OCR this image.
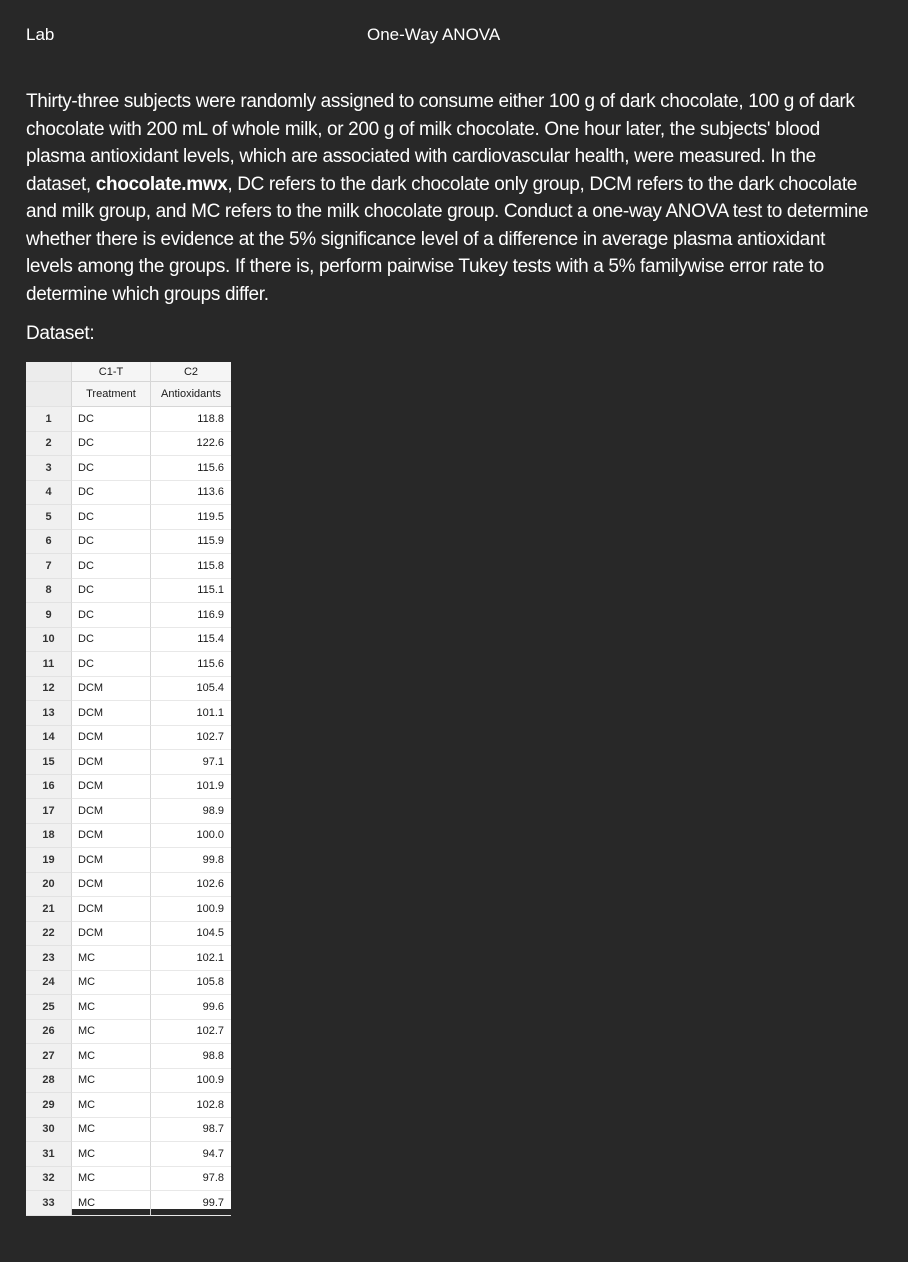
Lab	One-Way ANOVA
Thirty-three subjects were randomly assigned to consume either 100 g of dark chocolate, 100 g of dark chocolate with 200 mL of whole milk, or 200 g of milk chocolate. One hour later, the subjects' blood plasma antioxidant levels, which are associated with cardiovascular health, were measured. In the dataset, chocolate.mwx, DC refers to the dark chocolate only group, DCM refers to the dark chocolate and milk group, and MC refers to the milk chocolate group. Conduct a one-way ANOVA test to determine whether there is evidence at the 5% significance level of a difference in average plasma antioxidant levels among the groups. If there is, perform pairwise Tukey tests with a 5% familywise error rate to determine which groups differ.
Dataset:
C1-T	C2
Treatment	Antioxidants
1	DC	118.8
2	DC	122.6
3	DC	115.6
4	DC	113.6
5	DC	119.5
6	DC	115.9
7	DC	115.8
8	DC	115.1
9	DC	116.9
10	DC	115.4
11	DC	115.6
12	DCM	105.4
13	DCM	101.1
14	DCM	102.7
15	DCM	97.1
16	DCM	101.9
17	DCM	98.9
18	DCM	100.0
19	DCM	99.8
20	DCM	102.6
21	DCM	100.9
22	DCM	104.5
23	MC	102.1
24	MC	105.8
25	MC	99.6
26	MC	102.7
27	MC	98.8
28	MC	100.9
29	MC	102.8
30	MC	98.7
31	MC	94.7
32	MC	97.8
33	MC	99.7
